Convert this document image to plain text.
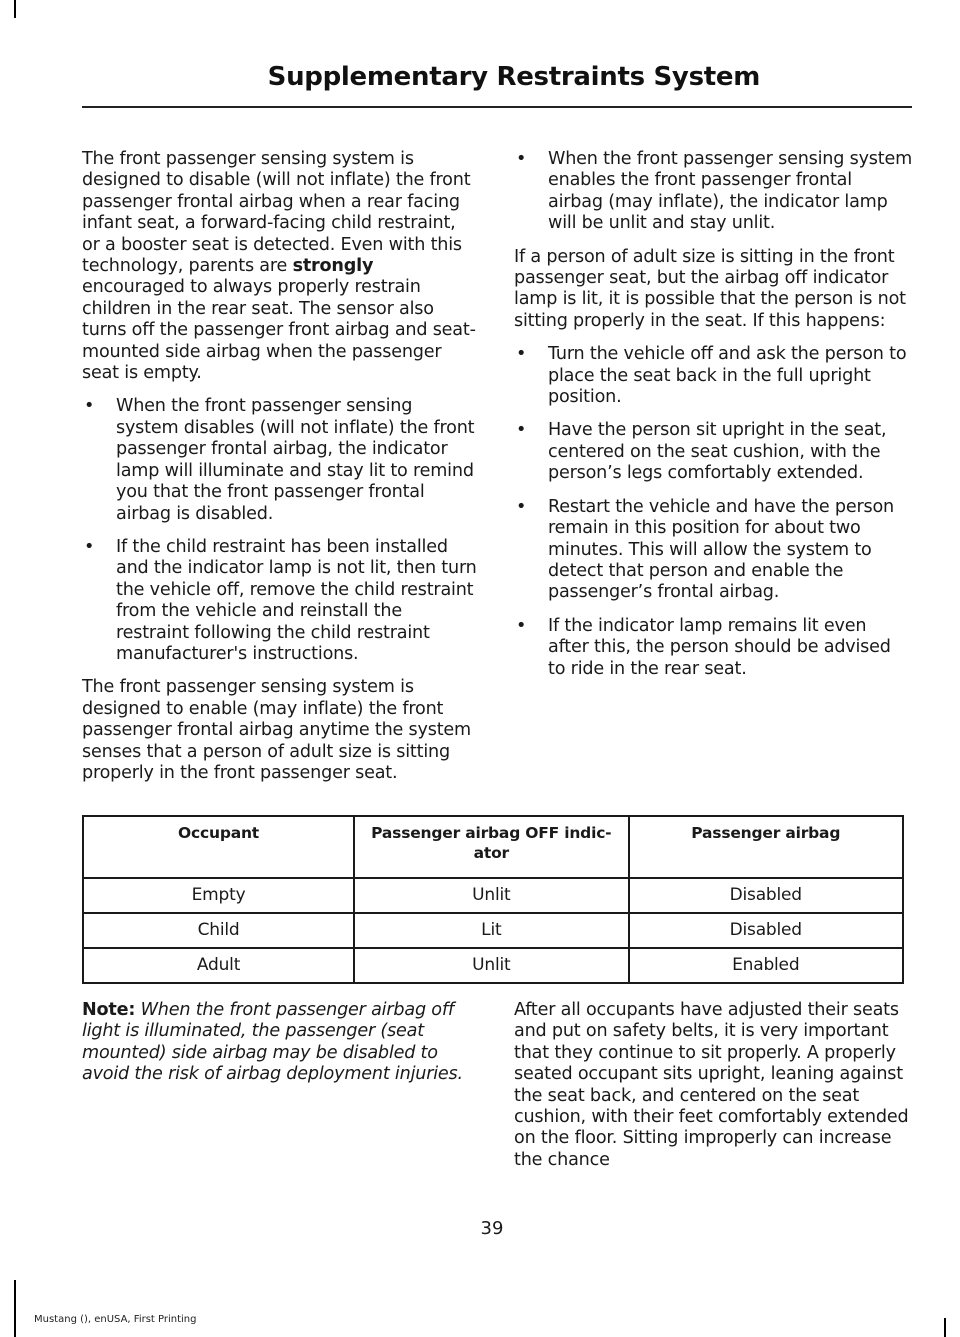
Supplementary Restraints System

The front passenger sensing system is designed to disable (will not inflate) the front passenger frontal airbag when a rear facing infant seat, a forward-facing child restraint, or a booster seat is detected. Even with this technology, parents are strongly encouraged to always properly restrain children in the rear seat. The sensor also turns off the passenger front airbag and seat-mounted side airbag when the passenger seat is empty.

• When the front passenger sensing system disables (will not inflate) the front passenger frontal airbag, the indicator lamp will illuminate and stay lit to remind you that the front passenger frontal airbag is disabled.
• If the child restraint has been installed and the indicator lamp is not lit, then turn the vehicle off, remove the child restraint from the vehicle and reinstall the restraint following the child restraint manufacturer's instructions.

The front passenger sensing system is designed to enable (may inflate) the front passenger frontal airbag anytime the system senses that a person of adult size is sitting properly in the front passenger seat.

• When the front passenger sensing system enables the front passenger frontal airbag (may inflate), the indicator lamp will be unlit and stay unlit.

If a person of adult size is sitting in the front passenger seat, but the airbag off indicator lamp is lit, it is possible that the person is not sitting properly in the seat. If this happens:

• Turn the vehicle off and ask the person to place the seat back in the full upright position.
• Have the person sit upright in the seat, centered on the seat cushion, with the person’s legs comfortably extended.
• Restart the vehicle and have the person remain in this position for about two minutes. This will allow the system to detect that person and enable the passenger’s frontal airbag.
• If the indicator lamp remains lit even after this, the person should be advised to ride in the rear seat.
Occupant	Passenger airbag OFF indic-ator	Passenger airbag
Empty	Unlit	Disabled
Child	Lit	Disabled
Adult	Unlit	Enabled
Note: When the front passenger airbag off light is illuminated, the passenger (seat mounted) side airbag may be disabled to avoid the risk of airbag deployment injuries.
After all occupants have adjusted their seats and put on safety belts, it is very important that they continue to sit properly. A properly seated occupant sits upright, leaning against the seat back, and centered on the seat cushion, with their feet comfortably extended on the floor. Sitting improperly can increase the chance
39
Mustang (), enUSA, First Printing
